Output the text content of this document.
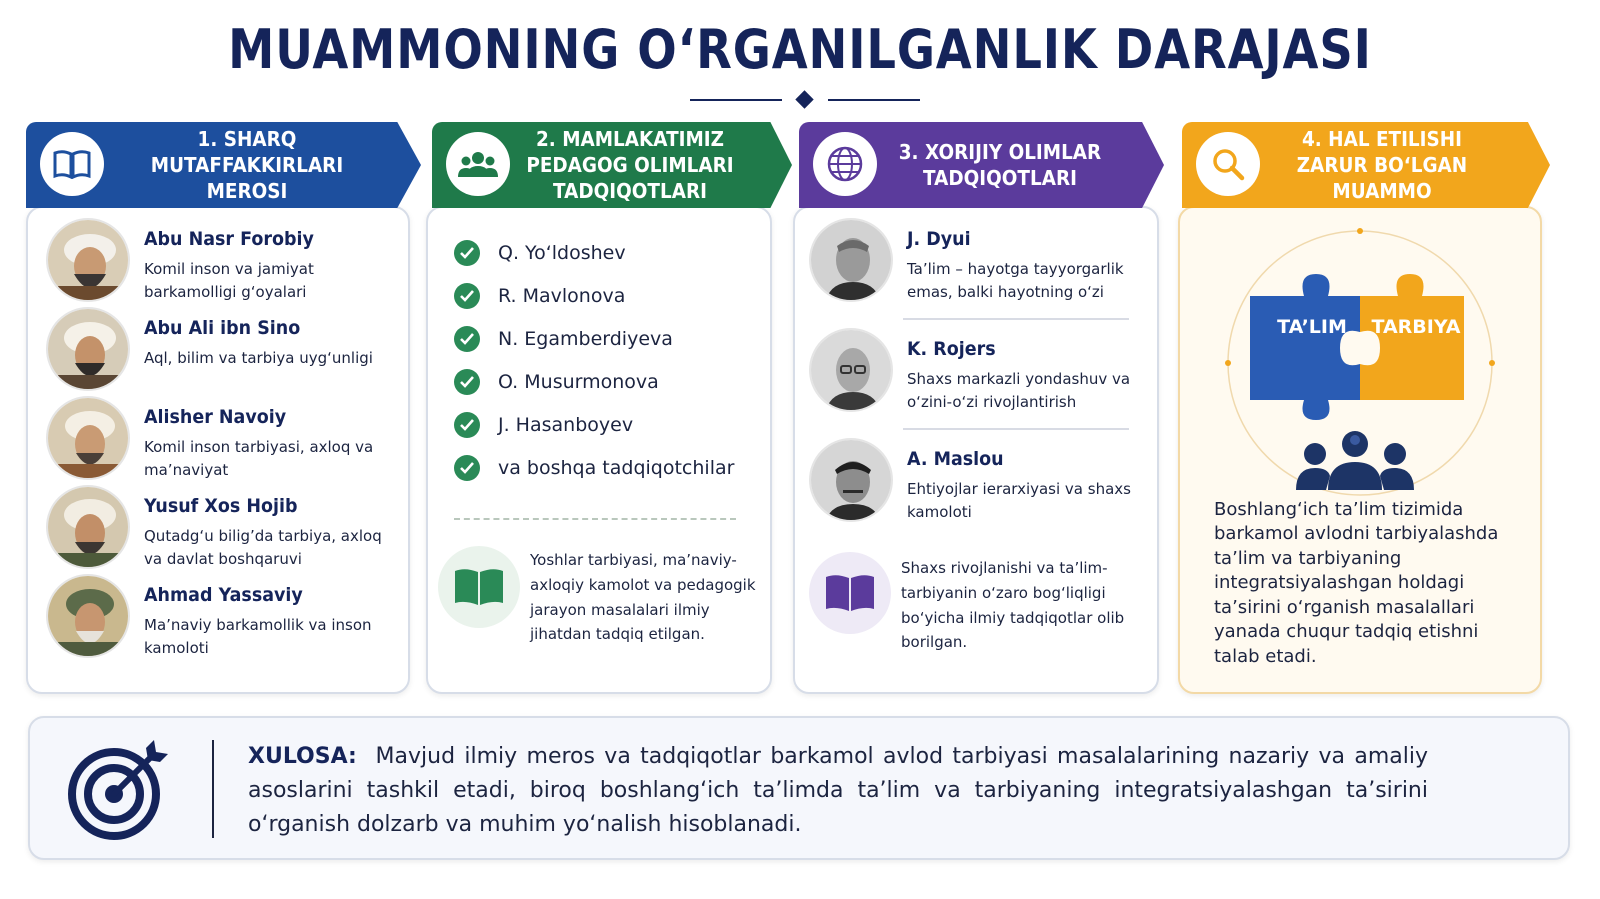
MUAMMONING O‘RGANILGANLIK DARAJASI
Abu Nasr Forobiy
Komil inson va jamiyat barkamolligi g‘oyalari
Abu Ali ibn Sino
Aql, bilim va tarbiya uyg‘unligi
Alisher Navoiy
Komil inson tarbiyasi, axloq va ma’naviyat
Yusuf Xos Hojib
Qutadg‘u bilig’da tarbiya, axloq va davlat boshqaruvi
Ahmad Yassaviy
Ma’naviy barkamollik va inson kamoloti
1. SHARQ MUTAFFAKKIRLARI MEROSI
Q. Yo‘ldoshev
R. Mavlonova
N. Egamberdiyeva
O. Musurmonova
J. Hasanboyev
va boshqa tadqiqotchilar
Yoshlar tarbiyasi, ma’naviy-axloqiy kamolot va pedagogik jarayon masalalari ilmiy jihatdan tadqiq etilgan.
2. MAMLAKATIMIZ PEDAGOG OLIMLARI TADQIQOTLARI
J. Dyui
Ta’lim – hayotga tayyorgarlik emas, balki hayotning o‘zi
K. Rojers
Shaxs markazli yondashuv va o‘zini-o‘zi rivojlantirish
A. Maslou
Ehtiyojlar ierarxiyasi va shaxs kamoloti
Shaxs rivojlanishi va ta’lim-tarbiyanin o‘zaro bog‘liqligi bo‘yicha ilmiy tadqiqotlar olib borilgan.
3. XORIJIY OLIMLAR TADQIQOTLARI
TA’LIM	TARBIYA
Boshlang‘ich ta’lim tizimida barkamol avlodni tarbiyalashda ta’lim va tarbiyaning integratsiyalashgan holdagi ta’sirini o‘rganish masalallari yanada chuqur tadqiq etishni talab etadi.
4. HAL ETILISHI ZARUR BO‘LGAN MUAMMO
XULOSA: Mavjud ilmiy meros va tadqiqotlar barkamol avlod tarbiyasi masalalarining nazariy va amaliy asoslarini tashkil etadi, biroq boshlang‘ich ta’limda ta’lim va tarbiyaning integratsiyalashgan ta’sirini o‘rganish dolzarb va muhim yo‘nalish hisoblanadi.
